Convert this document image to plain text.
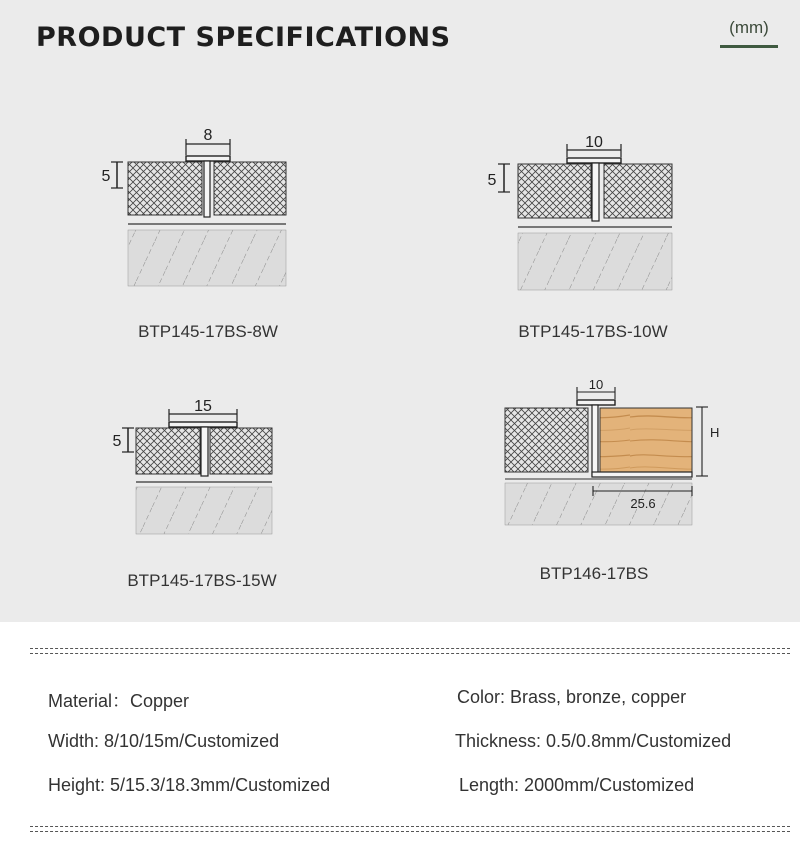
PRODUCT SPECIFICATIONS	(mm)
8
5
10
5
15
5
10
H
25.6
BTP145-17BS-8W	BTP145-17BS-10W
BTP145-17BS-15W	BTP146-17BS
Material：Copper	Color: Brass, bronze, copper
Width: 8/10/15m/Customized	Thickness: 0.5/0.8mm/Customized
Height: 5/15.3/18.3mm/Customized	Length: 2000mm/Customized
